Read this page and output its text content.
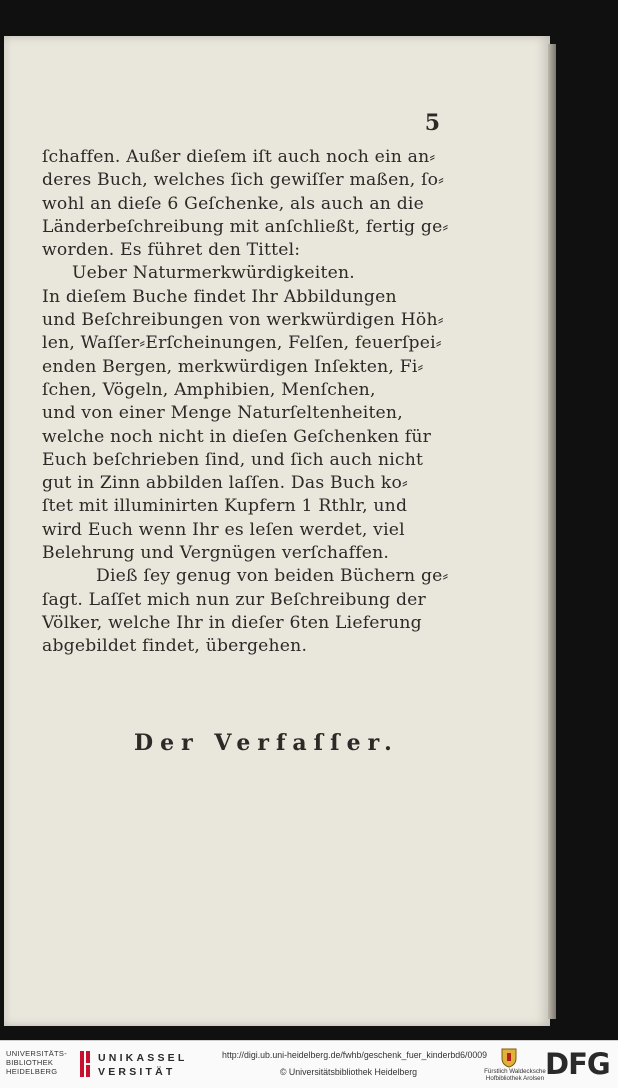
5
ſchaffen. Außer dieſem iſt auch noch ein an⸗
deres Buch, welches ſich gewiſſer maßen, ſo⸗
wohl an dieſe 6 Geſchenke, als auch an die
Länderbeſchreibung mit anſchließt, fertig ge⸗
worden. Es führet den Tittel:
Ueber Naturmerkwürdigkeiten.
In dieſem Buche findet Ihr Abbildungen
und Beſchreibungen von werkwürdigen Höh⸗
len, Waſſer⸗Erſcheinungen, Felſen, feuerſpei⸗
enden Bergen, merkwürdigen Inſekten, Fi⸗
ſchen, Vögeln, Amphibien, Menſchen,
und von einer Menge Naturſeltenheiten,
welche noch nicht in dieſen Geſchenken für
Euch beſchrieben ſind, und ſich auch nicht
gut in Zinn abbilden laſſen. Das Buch ko⸗
ſtet mit illuminirten Kupfern 1 Rthlr, und
wird Euch wenn Ihr es leſen werdet, viel
Belehrung und Vergnügen verſchaffen.
Dieß ſey genug von beiden Büchern ge⸗
ſagt. Laſſet mich nun zur Beſchreibung der
Völker, welche Ihr in dieſer 6ten Lieferung
abgebildet findet, übergehen.
Der Verfaſſer.
UNIVERSITÄTS-
BIBLIOTHEK
HEIDELBERG
UNIKASSEL
VERSITÄT
http://digi.ub.uni-heidelberg.de/fwhb/geschenk_fuer_kinderbd6/0009
© Universitätsbibliothek Heidelberg	Fürstlich Waldecksche
Hofbibliothek Arolsen DFG
